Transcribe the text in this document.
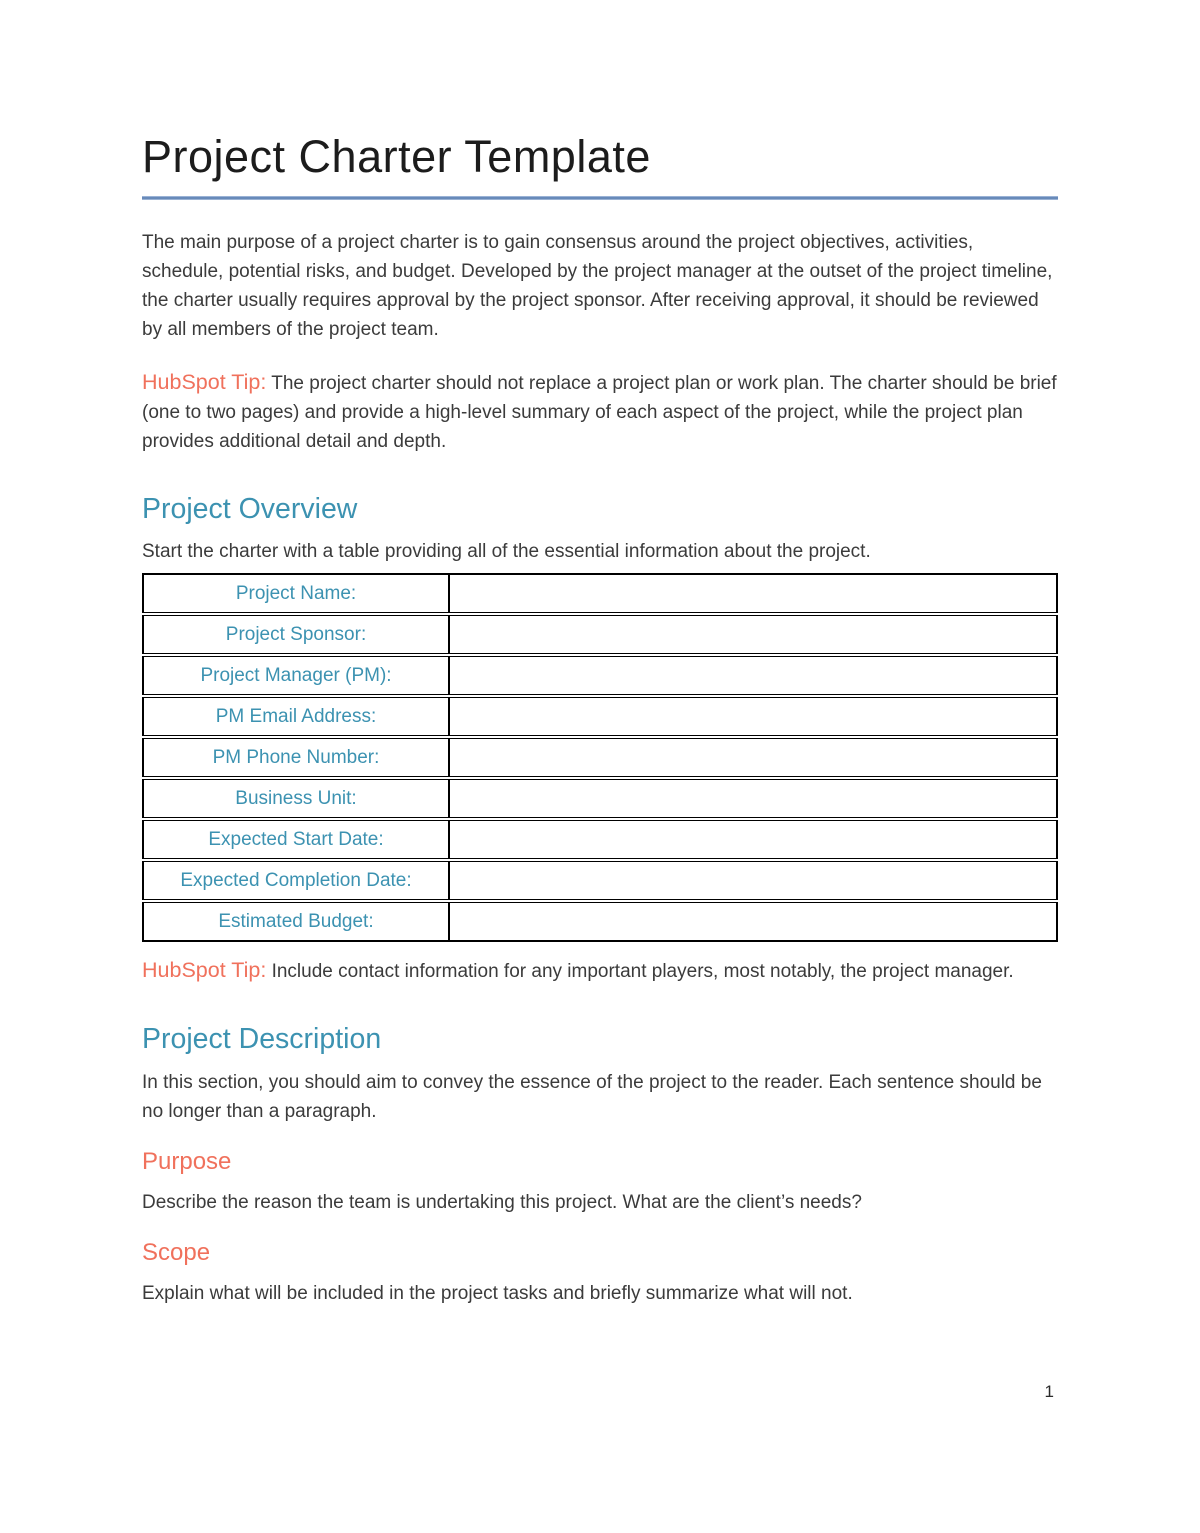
Project Charter Template

The main purpose of a project charter is to gain consensus around the project objectives, activities, schedule, potential risks, and budget. Developed by the project manager at the outset of the project timeline, the charter usually requires approval by the project sponsor. After receiving approval, it should be reviewed by all members of the project team.

HubSpot Tip: The project charter should not replace a project plan or work plan. The charter should be brief (one to two pages) and provide a high-level summary of each aspect of the project, while the project plan provides additional detail and depth.

Project Overview

Start the charter with a table providing all of the essential information about the project.

Project Name:	
Project Sponsor:	
Project Manager (PM):	
PM Email Address:	
PM Phone Number:	
Business Unit:	
Expected Start Date:	
Expected Completion Date:	
Estimated Budget:	

HubSpot Tip: Include contact information for any important players, most notably, the project manager.

Project Description

In this section, you should aim to convey the essence of the project to the reader. Each sentence should be no longer than a paragraph.

Purpose

Describe the reason the team is undertaking this project. What are the client’s needs?

Scope

Explain what will be included in the project tasks and briefly summarize what will not.

1
